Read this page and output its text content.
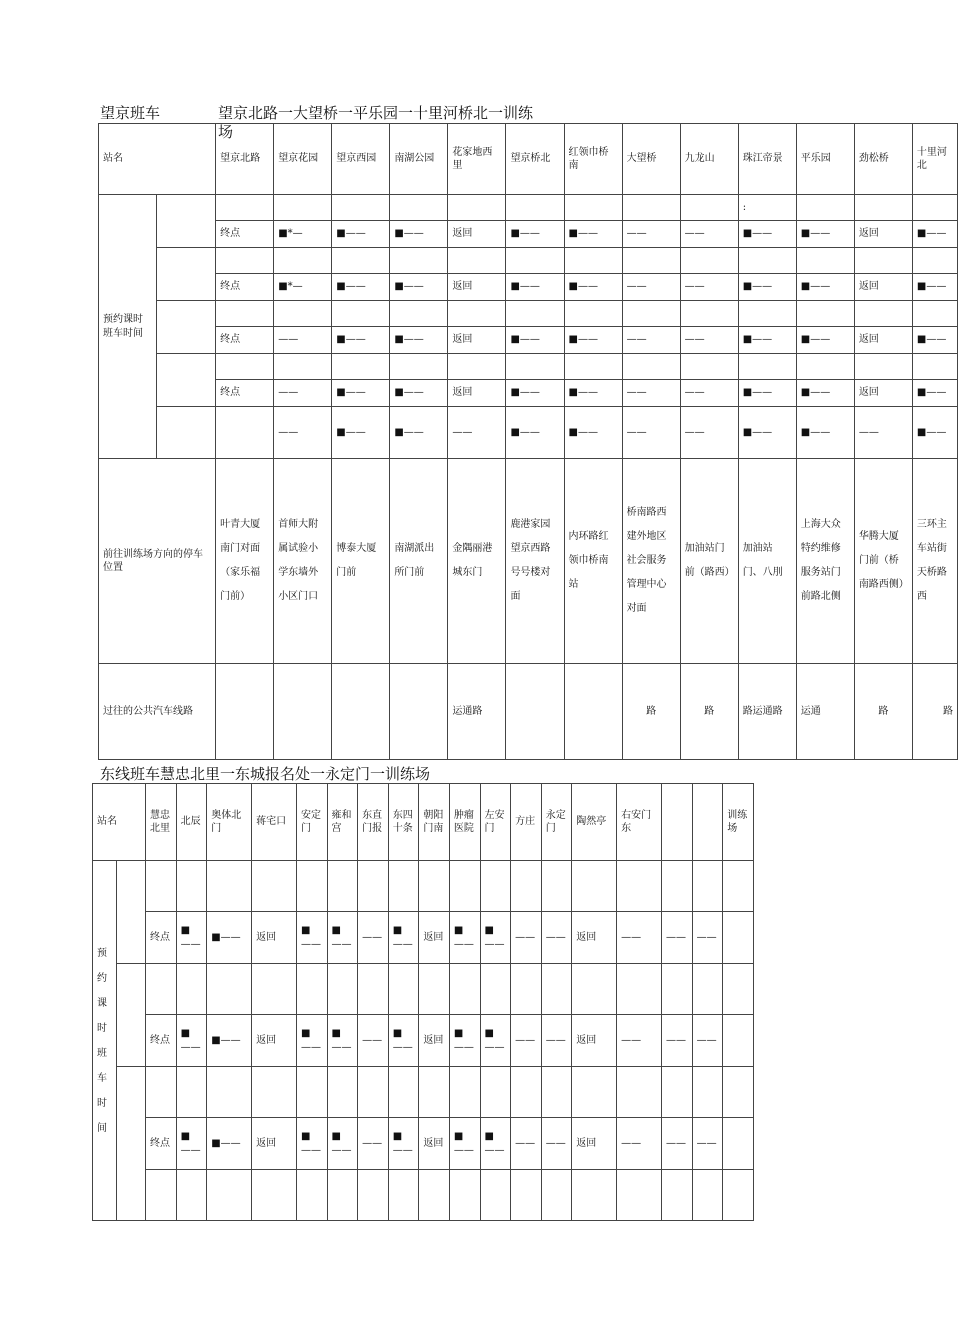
望京班车	望京北路一大望桥一平乐园一十里河桥北一训练
场
站名		望京北路	望京花园	望京西园	南湖公园	花家地西里	望京桥北	红领巾桥南	大望桥	九龙山	珠江帝景	平乐园	劲松桥	十里河北
预约课时班车时间											:			
		终点	■*—	■——	■——	返回	■——	■——	——	——	■——	■——	返回	■——

		终点	■*—	■——	■——	返回	■——	■——	——	——	■——	■——	返回	■——

		终点	——	■——	■——	返回	■——	■——	——	——	■——	■——	返回	■——

		终点	——	■——	■——	返回	■——	■——	——	——	■——	■——	返回	■——
			——	■——	■——	——	■——	■——	——	——	■——	■——	——	■——
前往训练场方向的停车位置		叶青大厦南门对面（家乐福门前）	首师大附属试验小学东墙外小区门口	博泰大厦门前	南湖派出所门前	金隅丽港城东门	鹿港家园望京西路号号楼对面	内环路红领巾桥南站	桥南路西建外地区社会服务管理中心对面	加油站门前（路西）	加油站门、八刖	上海大众特约维修服务站门前路北侧	华腾大厦门前（桥南路西侧）	三环主车站街天桥路西
过往的公共汽车线路						运通路			路	路	路运通路	运通	路	路
东线班车慧忠北里一东城报名处一永定门一训练场
站名		慧忠北里	北辰	奥体北门	蒋宅口	安定门	雍和宫	东直门报	东四十条	朝阳门南	肿瘤医院	左安门	方庄	永定门	陶然亭	右安门东			训练场
预约课时班车时间																			
		终点	■——	■——	返回	■——	■——	——	■——	返回	■——	■——	——	——	返回	——	——	——	

		终点	■——	■——	返回	■——	■——	——	■——	返回	■——	■——	——	——	返回	——	——	——	

		终点	■——	■——	返回	■——	■——	——	■——	返回	■——	■——	——	——	返回	——	——	——	
